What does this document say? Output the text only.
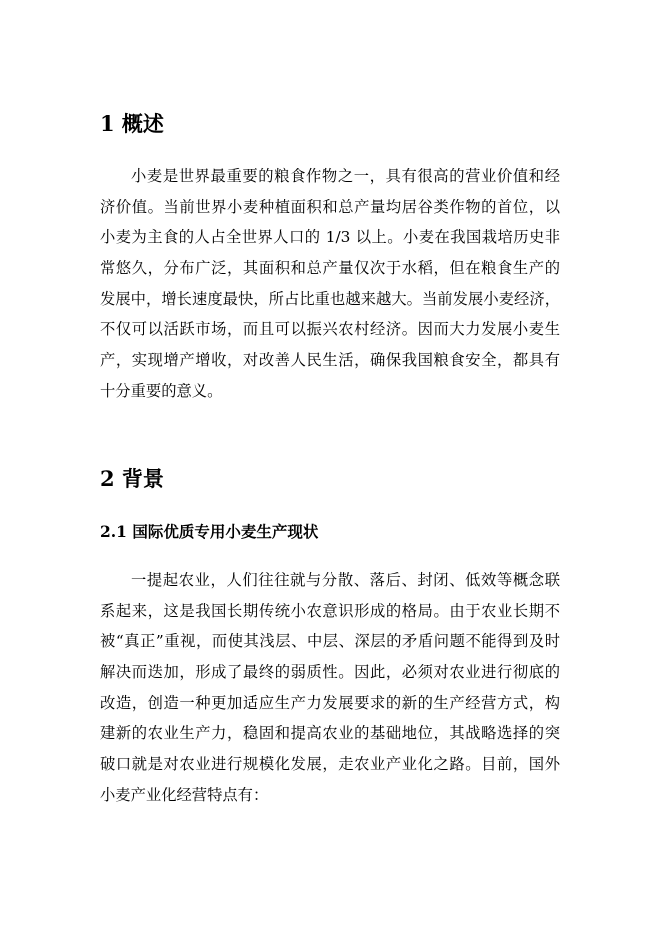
1 概述
小麦是世界最重要的粮食作物之一，具有很高的营业价值和经
济价值。当前世界小麦种植面积和总产量均居谷类作物的首位，以
小麦为主食的人占全世界人口的 1/3 以上。小麦在我国栽培历史非
常悠久，分布广泛，其面积和总产量仅次于水稻，但在粮食生产的
发展中，增长速度最快，所占比重也越来越大。当前发展小麦经济，
不仅可以活跃市场，而且可以振兴农村经济。因而大力发展小麦生
产，实现增产增收，对改善人民生活，确保我国粮食安全，都具有
十分重要的意义。
2 背景
2.1 国际优质专用小麦生产现状
一提起农业，人们往往就与分散、落后、封闭、低效等概念联
系起来，这是我国长期传统小农意识形成的格局。由于农业长期不
被“真正”重视，而使其浅层、中层、深层的矛盾问题不能得到及时
解决而迭加，形成了最终的弱质性。因此，必须对农业进行彻底的
改造，创造一种更加适应生产力发展要求的新的生产经营方式，构
建新的农业生产力，稳固和提高农业的基础地位，其战略选择的突
破口就是对农业进行规模化发展，走农业产业化之路。目前，国外
小麦产业化经营特点有：
